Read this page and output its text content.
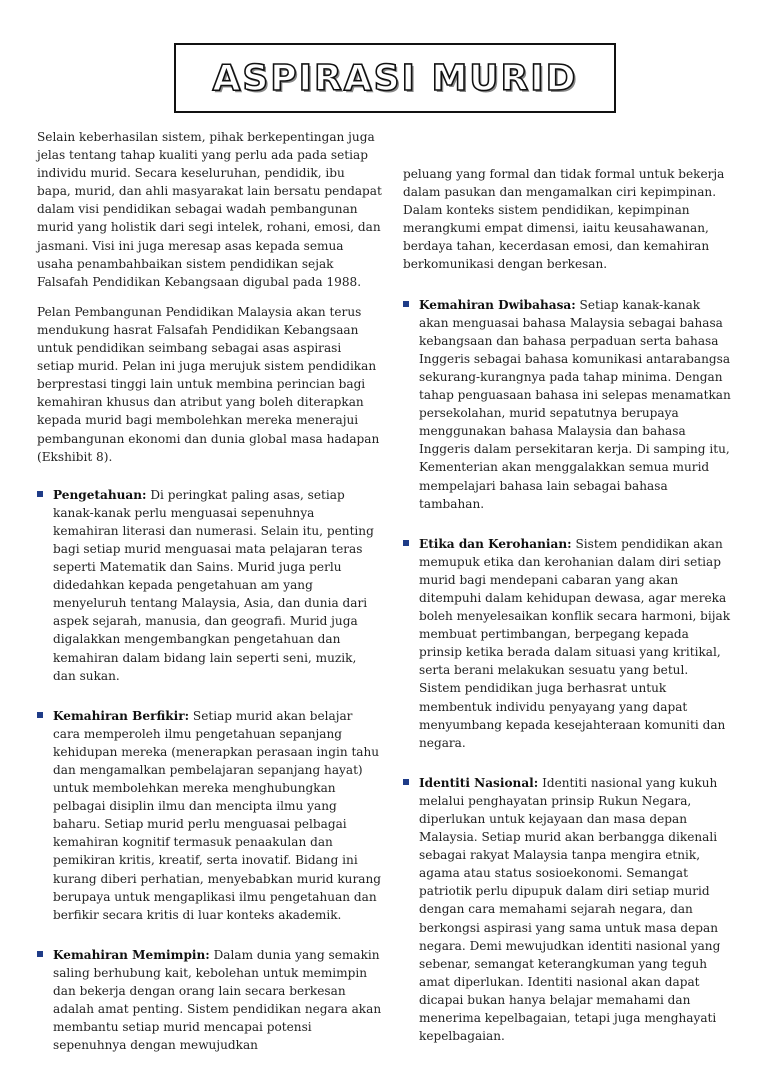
ASPIRASI MURID

Selain keberhasilan sistem, pihak berkepentingan juga jelas tentang tahap kualiti yang perlu ada pada setiap individu murid. Secara keseluruhan, pendidik, ibu bapa, murid, dan ahli masyarakat lain bersatu pendapat dalam visi pendidikan sebagai wadah pembangunan murid yang holistik dari segi intelek, rohani, emosi, dan jasmani. Visi ini juga meresap asas kepada semua usaha penambahbaikan sistem pendidikan sejak Falsafah Pendidikan Kebangsaan digubal pada 1988.

Pelan Pembangunan Pendidikan Malaysia akan terus mendukung hasrat Falsafah Pendidikan Kebangsaan untuk pendidikan seimbang sebagai asas aspirasi setiap murid. Pelan ini juga merujuk sistem pendidikan berprestasi tinggi lain untuk membina perincian bagi kemahiran khusus dan atribut yang boleh diterapkan kepada murid bagi membolehkan mereka menerajui pembangunan ekonomi dan dunia global masa hadapan (Ekshibit 8).

Pengetahuan: Di peringkat paling asas, setiap kanak-kanak perlu menguasai sepenuhnya kemahiran literasi dan numerasi. Selain itu, penting bagi setiap murid menguasai mata pelajaran teras seperti Matematik dan Sains. Murid juga perlu didedahkan kepada pengetahuan am yang menyeluruh tentang Malaysia, Asia, dan dunia dari aspek sejarah, manusia, dan geografi. Murid juga digalakkan mengembangkan pengetahuan dan kemahiran dalam bidang lain seperti seni, muzik, dan sukan.
Kemahiran Berfikir: Setiap murid akan belajar cara memperoleh ilmu pengetahuan sepanjang kehidupan mereka (menerapkan perasaan ingin tahu dan mengamalkan pembelajaran sepanjang hayat) untuk membolehkan mereka menghubungkan pelbagai disiplin ilmu dan mencipta ilmu yang baharu. Setiap murid perlu menguasai pelbagai kemahiran kognitif termasuk penaakulan dan pemikiran kritis, kreatif, serta inovatif. Bidang ini kurang diberi perhatian, menyebabkan murid kurang berupaya untuk mengaplikasi ilmu pengetahuan dan berfikir secara kritis di luar konteks akademik.
Kemahiran Memimpin: Dalam dunia yang semakin saling berhubung kait, kebolehan untuk memimpin dan bekerja dengan orang lain secara berkesan adalah amat penting. Sistem pendidikan negara akan membantu setiap murid mencapai potensi sepenuhnya dengan mewujudkan
peluang yang formal dan tidak formal untuk bekerja dalam pasukan dan mengamalkan ciri kepimpinan. Dalam konteks sistem pendidikan, kepimpinan merangkumi empat dimensi, iaitu keusahawanan, berdaya tahan, kecerdasan emosi, dan kemahiran berkomunikasi dengan berkesan.
Kemahiran Dwibahasa: Setiap kanak-kanak akan menguasai bahasa Malaysia sebagai bahasa kebangsaan dan bahasa perpaduan serta bahasa Inggeris sebagai bahasa komunikasi antarabangsa sekurang-kurangnya pada tahap minima. Dengan tahap penguasaan bahasa ini selepas menamatkan persekolahan, murid sepatutnya berupaya menggunakan bahasa Malaysia dan bahasa Inggeris dalam persekitaran kerja. Di samping itu, Kementerian akan menggalakkan semua murid mempelajari bahasa lain sebagai bahasa tambahan.
Etika dan Kerohanian: Sistem pendidikan akan memupuk etika dan kerohanian dalam diri setiap murid bagi mendepani cabaran yang akan ditempuhi dalam kehidupan dewasa, agar mereka boleh menyelesaikan konflik secara harmoni, bijak membuat pertimbangan, berpegang kepada prinsip ketika berada dalam situasi yang kritikal, serta berani melakukan sesuatu yang betul. Sistem pendidikan juga berhasrat untuk membentuk individu penyayang yang dapat menyumbang kepada kesejahteraan komuniti dan negara.
Identiti Nasional: Identiti nasional yang kukuh melalui penghayatan prinsip Rukun Negara, diperlukan untuk kejayaan dan masa depan Malaysia. Setiap murid akan berbangga dikenali sebagai rakyat Malaysia tanpa mengira etnik, agama atau status sosioekonomi. Semangat patriotik perlu dipupuk dalam diri setiap murid dengan cara memahami sejarah negara, dan berkongsi aspirasi yang sama untuk masa depan negara. Demi mewujudkan identiti nasional yang sebenar, semangat keterangkuman yang teguh amat diperlukan. Identiti nasional akan dapat dicapai bukan hanya belajar memahami dan menerima kepelbagaian, tetapi juga menghayati kepelbagaian.
